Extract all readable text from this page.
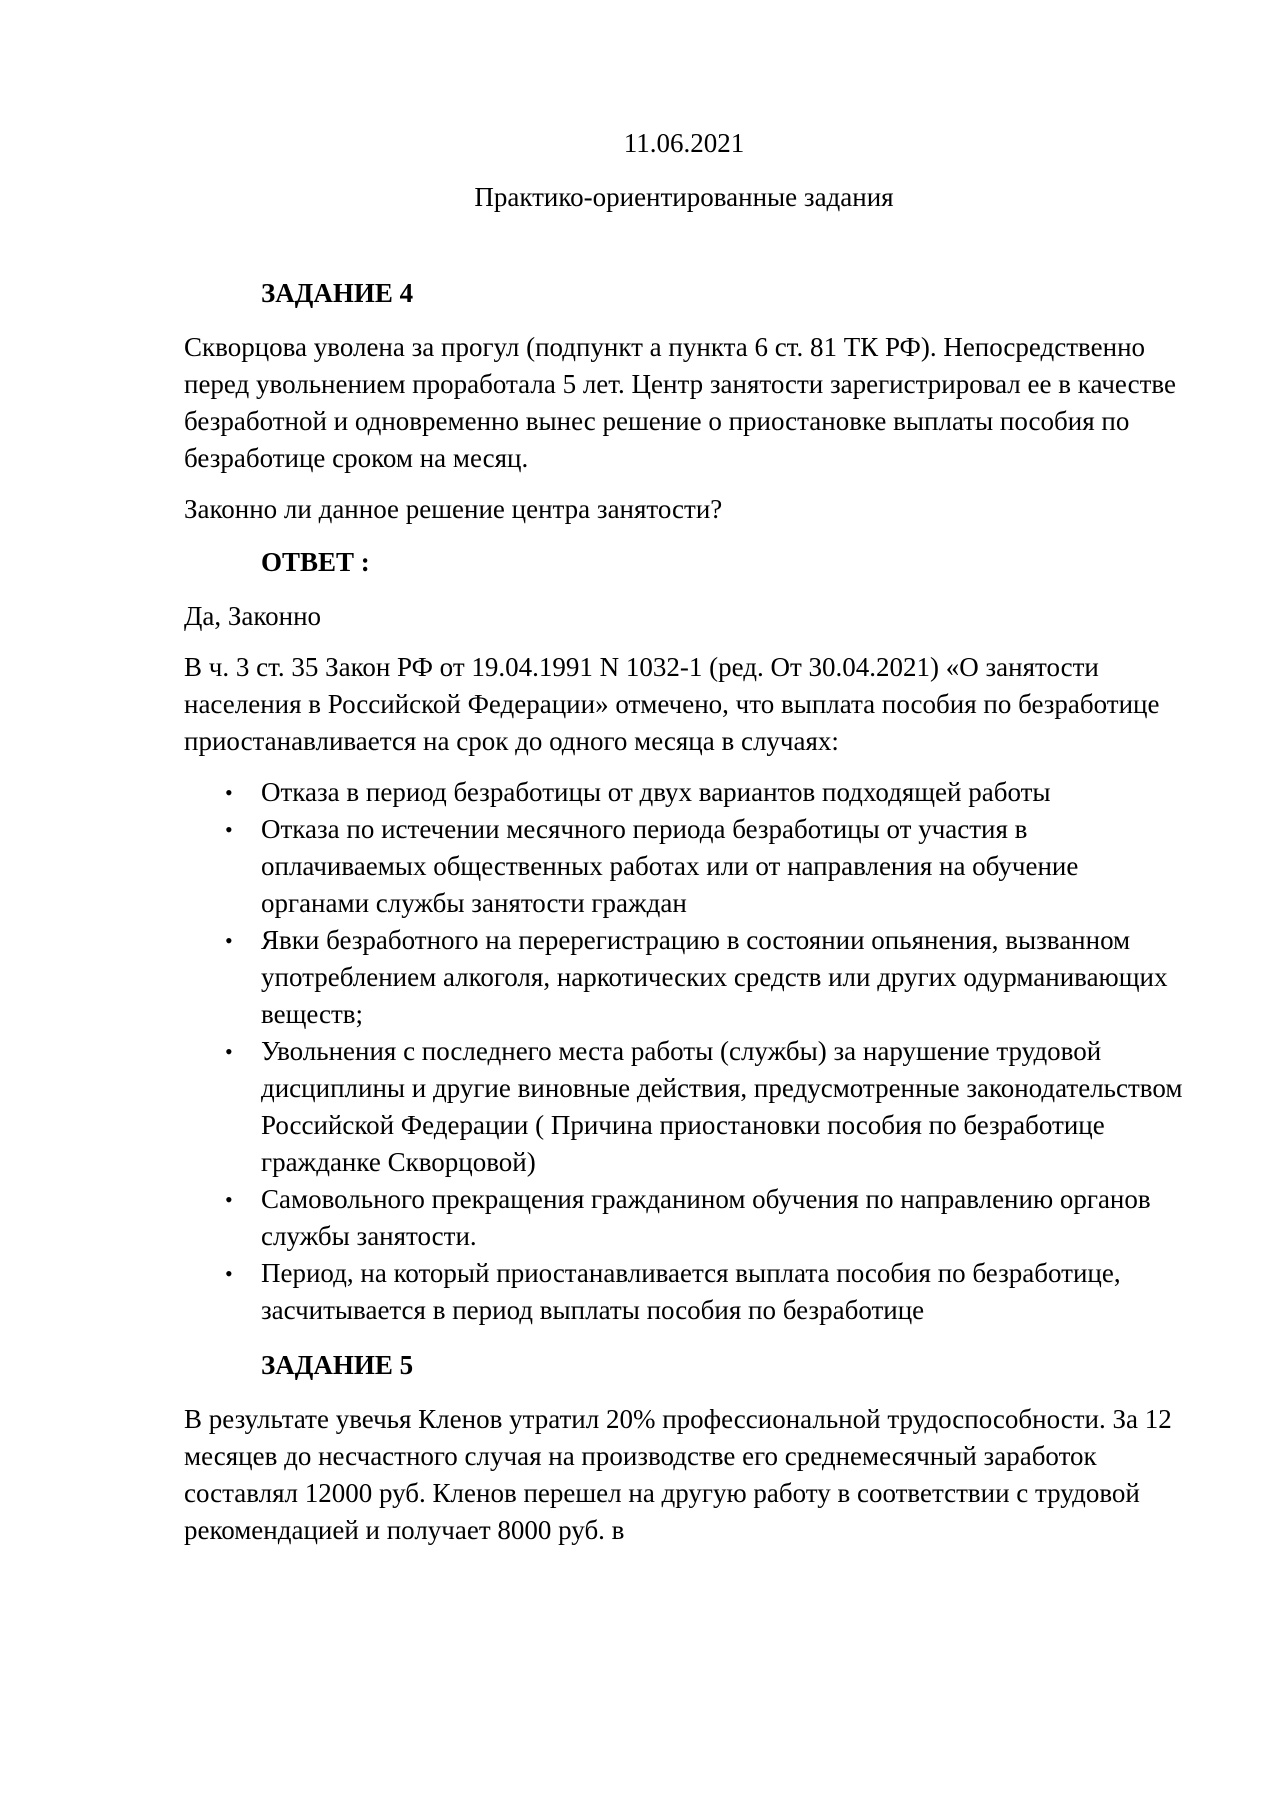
11.06.2021

Практико-ориентированные задания

ЗАДАНИЕ 4

Скворцова уволена за прогул (подпункт а пункта 6 ст. 81 ТК РФ). Непосредственно перед увольнением проработала 5 лет. Центр занятости зарегистрировал ее в качестве безработной и одновременно вынес решение о приостановке выплаты пособия по безработице сроком на месяц.

Законно ли данное решение центра занятости?

ОТВЕТ :

Да, Законно

В ч. 3 ст. 35 Закон РФ от 19.04.1991 N 1032-1 (ред. От 30.04.2021) «О занятости населения в Российской Федерации» отмечено, что выплата пособия по безработице приостанавливается на срок до одного месяца в случаях:

•	Отказа в период безработицы от двух вариантов подходящей работы
•	Отказа по истечении месячного периода безработицы от участия в оплачиваемых общественных работах или от направления на обучение органами службы занятости граждан
•	Явки безработного на перерегистрацию в состоянии опьянения, вызванном употреблением алкоголя, наркотических средств или других одурманивающих веществ;
•	Увольнения с последнего места работы (службы) за нарушение трудовой дисциплины и другие виновные действия, предусмотренные законодательством Российской Федерации ( Причина приостановки пособия по безработице гражданке Скворцовой)
•	Самовольного прекращения гражданином обучения по направлению органов службы занятости.
•	Период, на который приостанавливается выплата пособия по безработице, засчитывается в период выплаты пособия по безработице
ЗАДАНИЕ 5

В результате увечья Кленов утратил 20% профессиональной трудоспособности. За 12 месяцев до несчастного случая на производстве его среднемесячный заработок составлял 12000 руб. Кленов перешел на другую работу в соответствии с трудовой рекомендацией и получает 8000 руб. в
